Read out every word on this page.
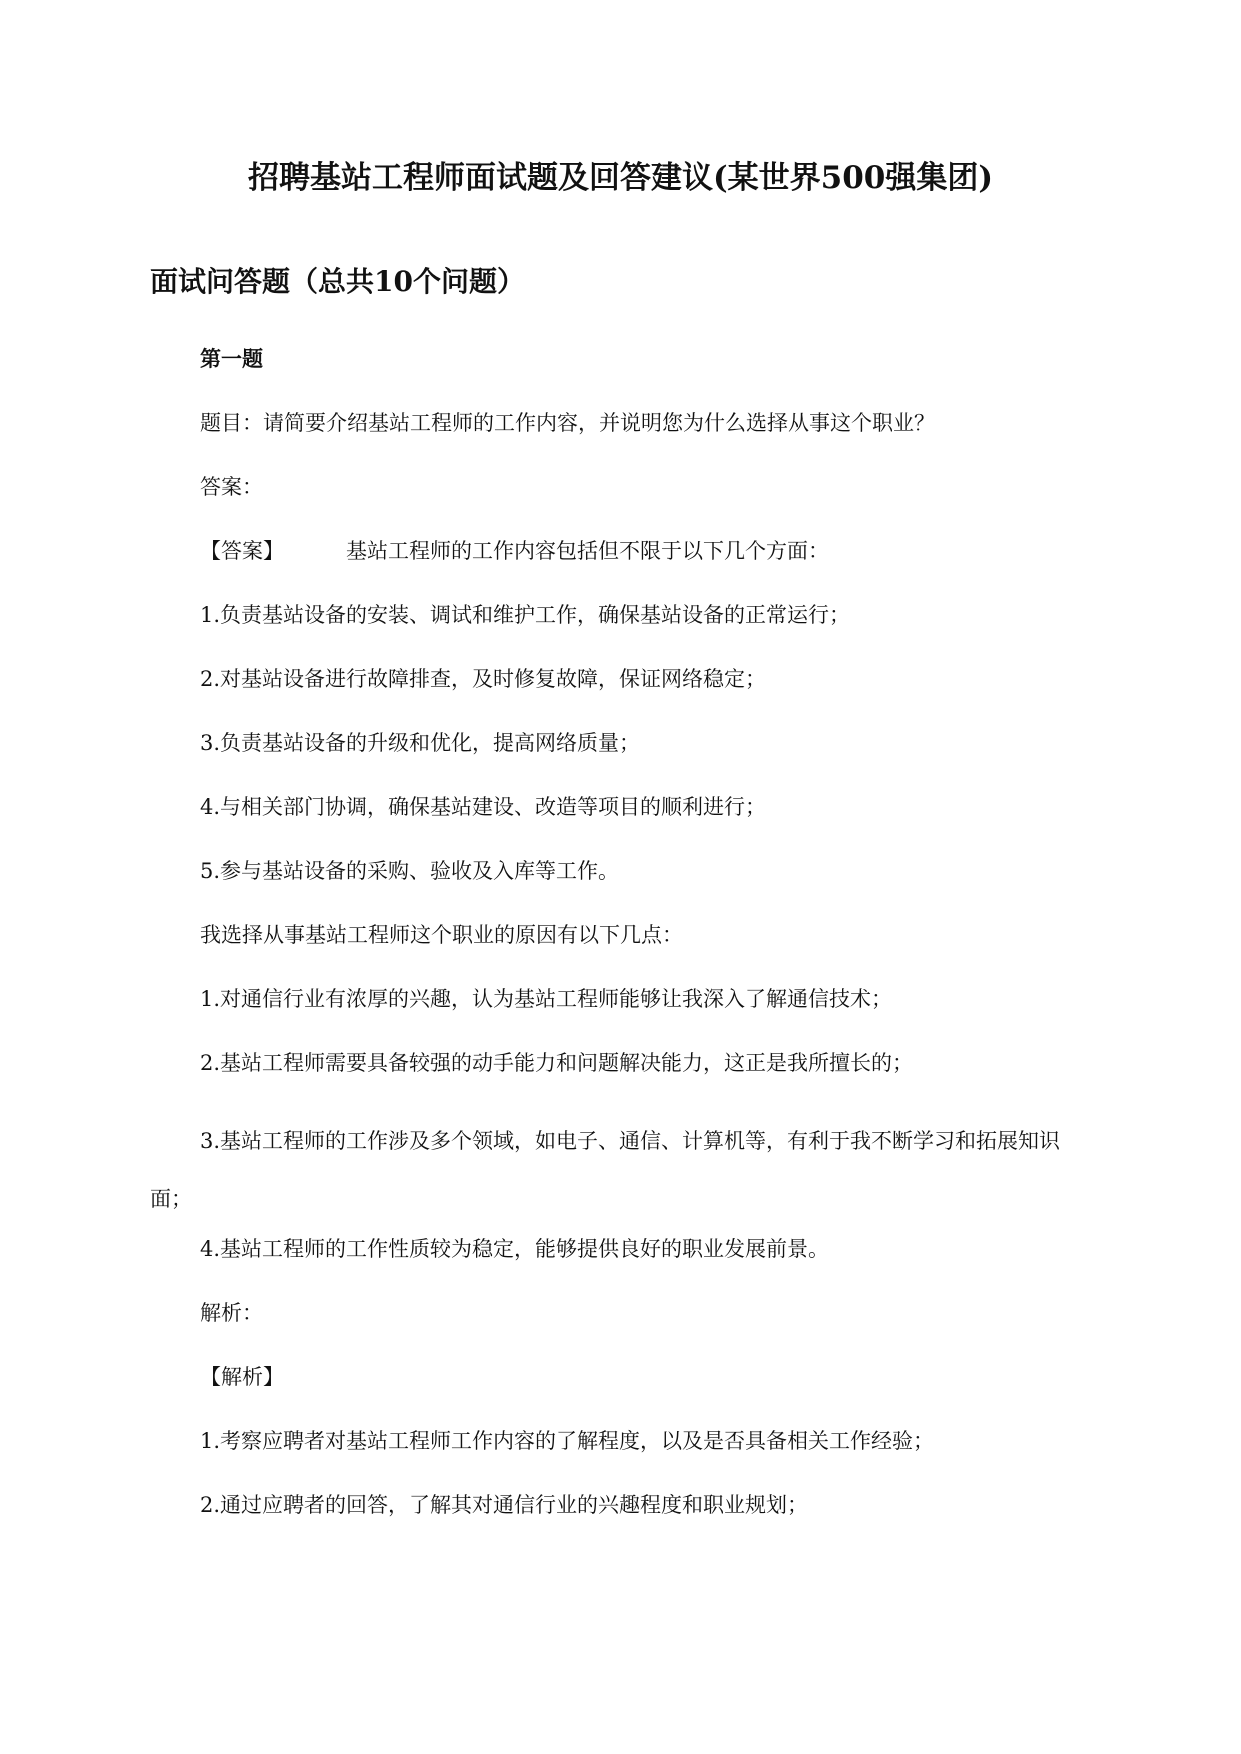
招聘基站工程师面试题及回答建议(某世界500强集团)
面试问答题（总共10个问题）

第一题

题目：请简要介绍基站工程师的工作内容，并说明您为什么选择从事这个职业？

答案：

【答案】	基站工程师的工作内容包括但不限于以下几个方面：

1.负责基站设备的安装、调试和维护工作，确保基站设备的正常运行；

2.对基站设备进行故障排查，及时修复故障，保证网络稳定；

3.负责基站设备的升级和优化，提高网络质量；

4.与相关部门协调，确保基站建设、改造等项目的顺利进行；

5.参与基站设备的采购、验收及入库等工作。

我选择从事基站工程师这个职业的原因有以下几点：

1.对通信行业有浓厚的兴趣，认为基站工程师能够让我深入了解通信技术；

2.基站工程师需要具备较强的动手能力和问题解决能力，这正是我所擅长的；

3.基站工程师的工作涉及多个领域，如电子、通信、计算机等，有利于我不断学习和拓展知识面；

4.基站工程师的工作性质较为稳定，能够提供良好的职业发展前景。

解析：

【解析】

1.考察应聘者对基站工程师工作内容的了解程度，以及是否具备相关工作经验；

2.通过应聘者的回答，了解其对通信行业的兴趣程度和职业规划；
